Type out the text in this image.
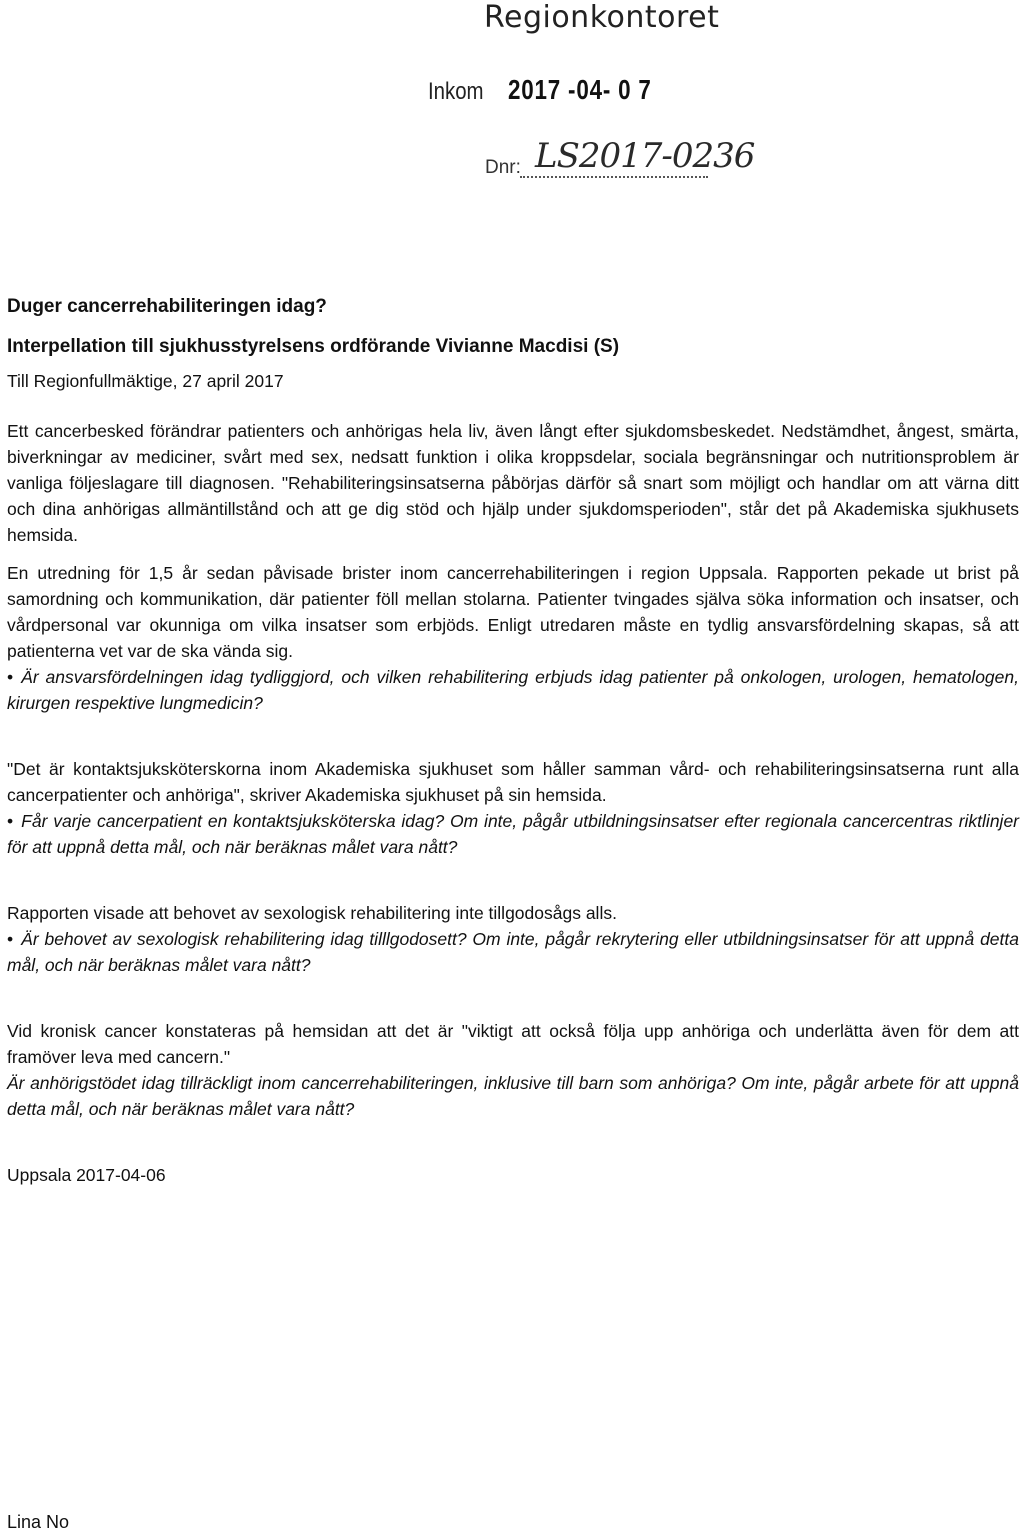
Regionkontoret
Inkom 2017 -04- 0 7
Dnr: LS2017-0236

Duger cancerrehabiliteringen idag?

Interpellation till sjukhusstyrelsens ordförande Vivianne Macdisi (S)

Till Regionfullmäktige, 27 april 2017

Ett cancerbesked förändrar patienters och anhörigas hela liv, även långt efter sjukdomsbeskedet. Nedstämdhet, ångest, smärta, biverkningar av mediciner, svårt med sex, nedsatt funktion i olika kroppsdelar, sociala begränsningar och nutritionsproblem är vanliga följeslagare till diagnosen. "Rehabiliteringsinsatserna påbörjas därför så snart som möjligt och handlar om att värna ditt och dina anhörigas allmäntillstånd och att ge dig stöd och hjälp under sjukdomsperioden", står det på Akademiska sjukhusets hemsida.

En utredning för 1,5 år sedan påvisade brister inom cancerrehabiliteringen i region Uppsala. Rapporten pekade ut brist på samordning och kommunikation, där patienter föll mellan stolarna. Patienter tvingades själva söka information och insatser, och vårdpersonal var okunniga om vilka insatser som erbjöds. Enligt utredaren måste en tydlig ansvarsfördelning skapas, så att patienterna vet var de ska vända sig.

• Är ansvarsfördelningen idag tydliggjord, och vilken rehabilitering erbjuds idag patienter på onkologen, urologen, hematologen, kirurgen respektive lungmedicin?

"Det är kontaktsjuksköterskorna inom Akademiska sjukhuset som håller samman vård- och rehabiliteringsinsatserna runt alla cancerpatienter och anhöriga", skriver Akademiska sjukhuset på sin hemsida.

• Får varje cancerpatient en kontaktsjuksköterska idag? Om inte, pågår utbildningsinsatser efter regionala cancercentras riktlinjer för att uppnå detta mål, och när beräknas målet vara nått?

Rapporten visade att behovet av sexologisk rehabilitering inte tillgodosågs alls.

• Är behovet av sexologisk rehabilitering idag tilllgodosett? Om inte, pågår rekrytering eller utbildningsinsatser för att uppnå detta mål, och när beräknas målet vara nått?

Vid kronisk cancer konstateras på hemsidan att det är "viktigt att också följa upp anhöriga och underlätta även för dem att framöver leva med cancern."

Är anhörigstödet idag tillräckligt inom cancerrehabiliteringen, inklusive till barn som anhöriga? Om inte, pågår arbete för att uppnå detta mål, och när beräknas målet vara nått?

Uppsala 2017-04-06

Lina No
